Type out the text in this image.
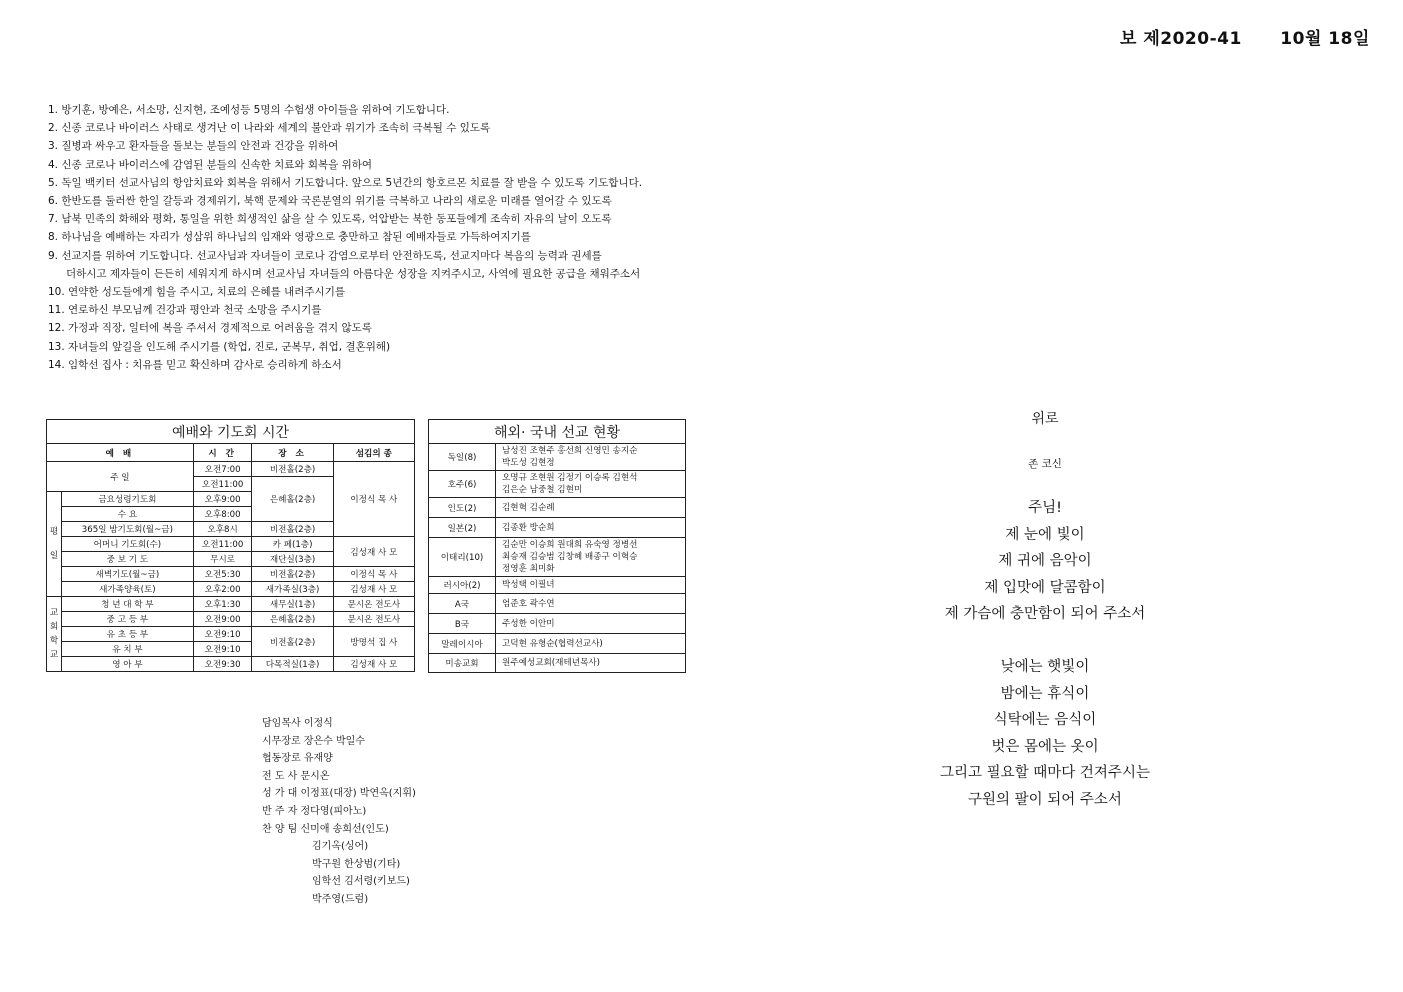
보 제2020-41      10월 18일
1. 방기훈, 방예은, 서소망, 신지현, 조예성등 5명의 수험생 아이들을 위하여 기도합니다.
2. 신종 코로나 바이러스 사태로 생겨난 이 나라와 세계의 불안과 위기가 조속히 극복될 수 있도록
3. 질병과 싸우고 환자들을 돌보는 분들의 안전과 건강을 위하여
4. 신종 코로나 바이러스에 감염된 분들의 신속한 치료와 회복을 위하여
5. 독일 백키터 선교사님의 항암치료와 회복을 위해서 기도합니다. 앞으로 5년간의 항호르몬 치료를 잘 받을 수 있도록 기도합니다.
6. 한반도를 둘러싼 한일 갈등과 경제위기, 북핵 문제와 국론분열의 위기를 극복하고 나라의 새로운 미래를 열어갈 수 있도록
7. 남북 민족의 화해와 평화, 통일을 위한 희생적인 삶을 살 수 있도록, 억압받는 북한 동포들에게 조속히 자유의 날이 오도록
8. 하나님을 예배하는 자리가 성삼위 하나님의 임재와 영광으로 충만하고 참된 예배자들로 가득하여지기를
9. 선교지를 위하여 기도합니다. 선교사님과 자녀들이 코로나 감염으로부터 안전하도록, 선교지마다 복음의 능력과 권세를
더하시고 제자들이 든든히 세워지게 하시며 선교사님 자녀들의 아름다운 성장을 지켜주시고, 사역에 필요한 공급을 채워주소서
10. 연약한 성도들에게 힘을 주시고, 치료의 은혜를 내려주시기를
11. 연로하신 부모님께 건강과 평안과 천국 소망을 주시기를
12. 가정과 직장, 일터에 복을 주셔서 경제적으로 어려움을 겪지 않도록
13. 자녀들의 앞길을 인도해 주시기를 (학업, 진로, 군복무, 취업, 결혼위해)
14. 임학선 집사 : 치유를 믿고 확신하며 감사로 승리하게 하소서
예배와 기도회 시간				
예 배		시 간	장 소	섬김의 종
주 일		오전7:00	비전홀(2층)	이정식 목 사
		오전11:00	은혜홀(2층)	
평일	금요성령기도회	오후9:00		
	수 요	오후8:00		
	365일 밤기도회(월~금)	오후8시	비전홀(2층)	
	어머니 기도회(수)	오전11:00	카 페(1층)	김성재 사 모
	중 보 기 도	무시로	재단실(3층)	
	새벽기도(월~금)	오전5:30	비전홀(2층)	이정식 목 사
	새가족양육(토)	오후2:00	새가족실(3층)	김성재 사 모
교회학교	청 년 대 학 부	오후1:30	새무실(1층)	문시온 전도사
	중 고 등 부	오전9:00	은혜홀(2층)	문시온 전도사
	유 초 등 부	오전9:10	비전홀(2층)	방명석 집 사
	유 치 부	오전9:10		
	영 아 부	오전9:30	다목적실(1층)	김성재 사 모
해외· 국내 선교 현황	
독일(8)	남성진 조현주 홍선희 신영민 송지순
박도성 김현정

호주(6)	오명규 조현원 김정기 이승록 김현석
김은순 남중철 김현미

인도(2)	김현혁 김순례

일본(2)	김종환 방순희

이태리(10)	김순만 이승희 원대희 유숙영 정병선
최승재 김승범 김창혜 배종구 이혁승
정영훈 최미화

러시아(2)	박성택 이필녀

A국	엄준호 곽수연

B국	주성한 이안미

말레이시아	고덕현 유형순(협력선교사)

미송교회	원주예성교회(재테년목사)
담임목사 이정식
시무장로 장은수 박일수
협동장로 유재양
전 도 사 문시온
성 가 대 이정표(대장) 박연옥(지휘)
반 주 자 정다영(피아노)
찬 양 팀 신미애 송희선(인도)
김기옥(싱어)
박구원 한상범(기타)
임학선 김서령(키보드)
박주영(드럼)
위로
존 코신
주님!
제 눈에 빛이
제 귀에 음악이
제 입맛에 달콤함이
제 가슴에 충만함이 되어 주소서
낮에는 햇빛이
밤에는 휴식이
식탁에는 음식이
벗은 몸에는 옷이
그리고 필요할 때마다 건져주시는
구원의 팔이 되어 주소서
